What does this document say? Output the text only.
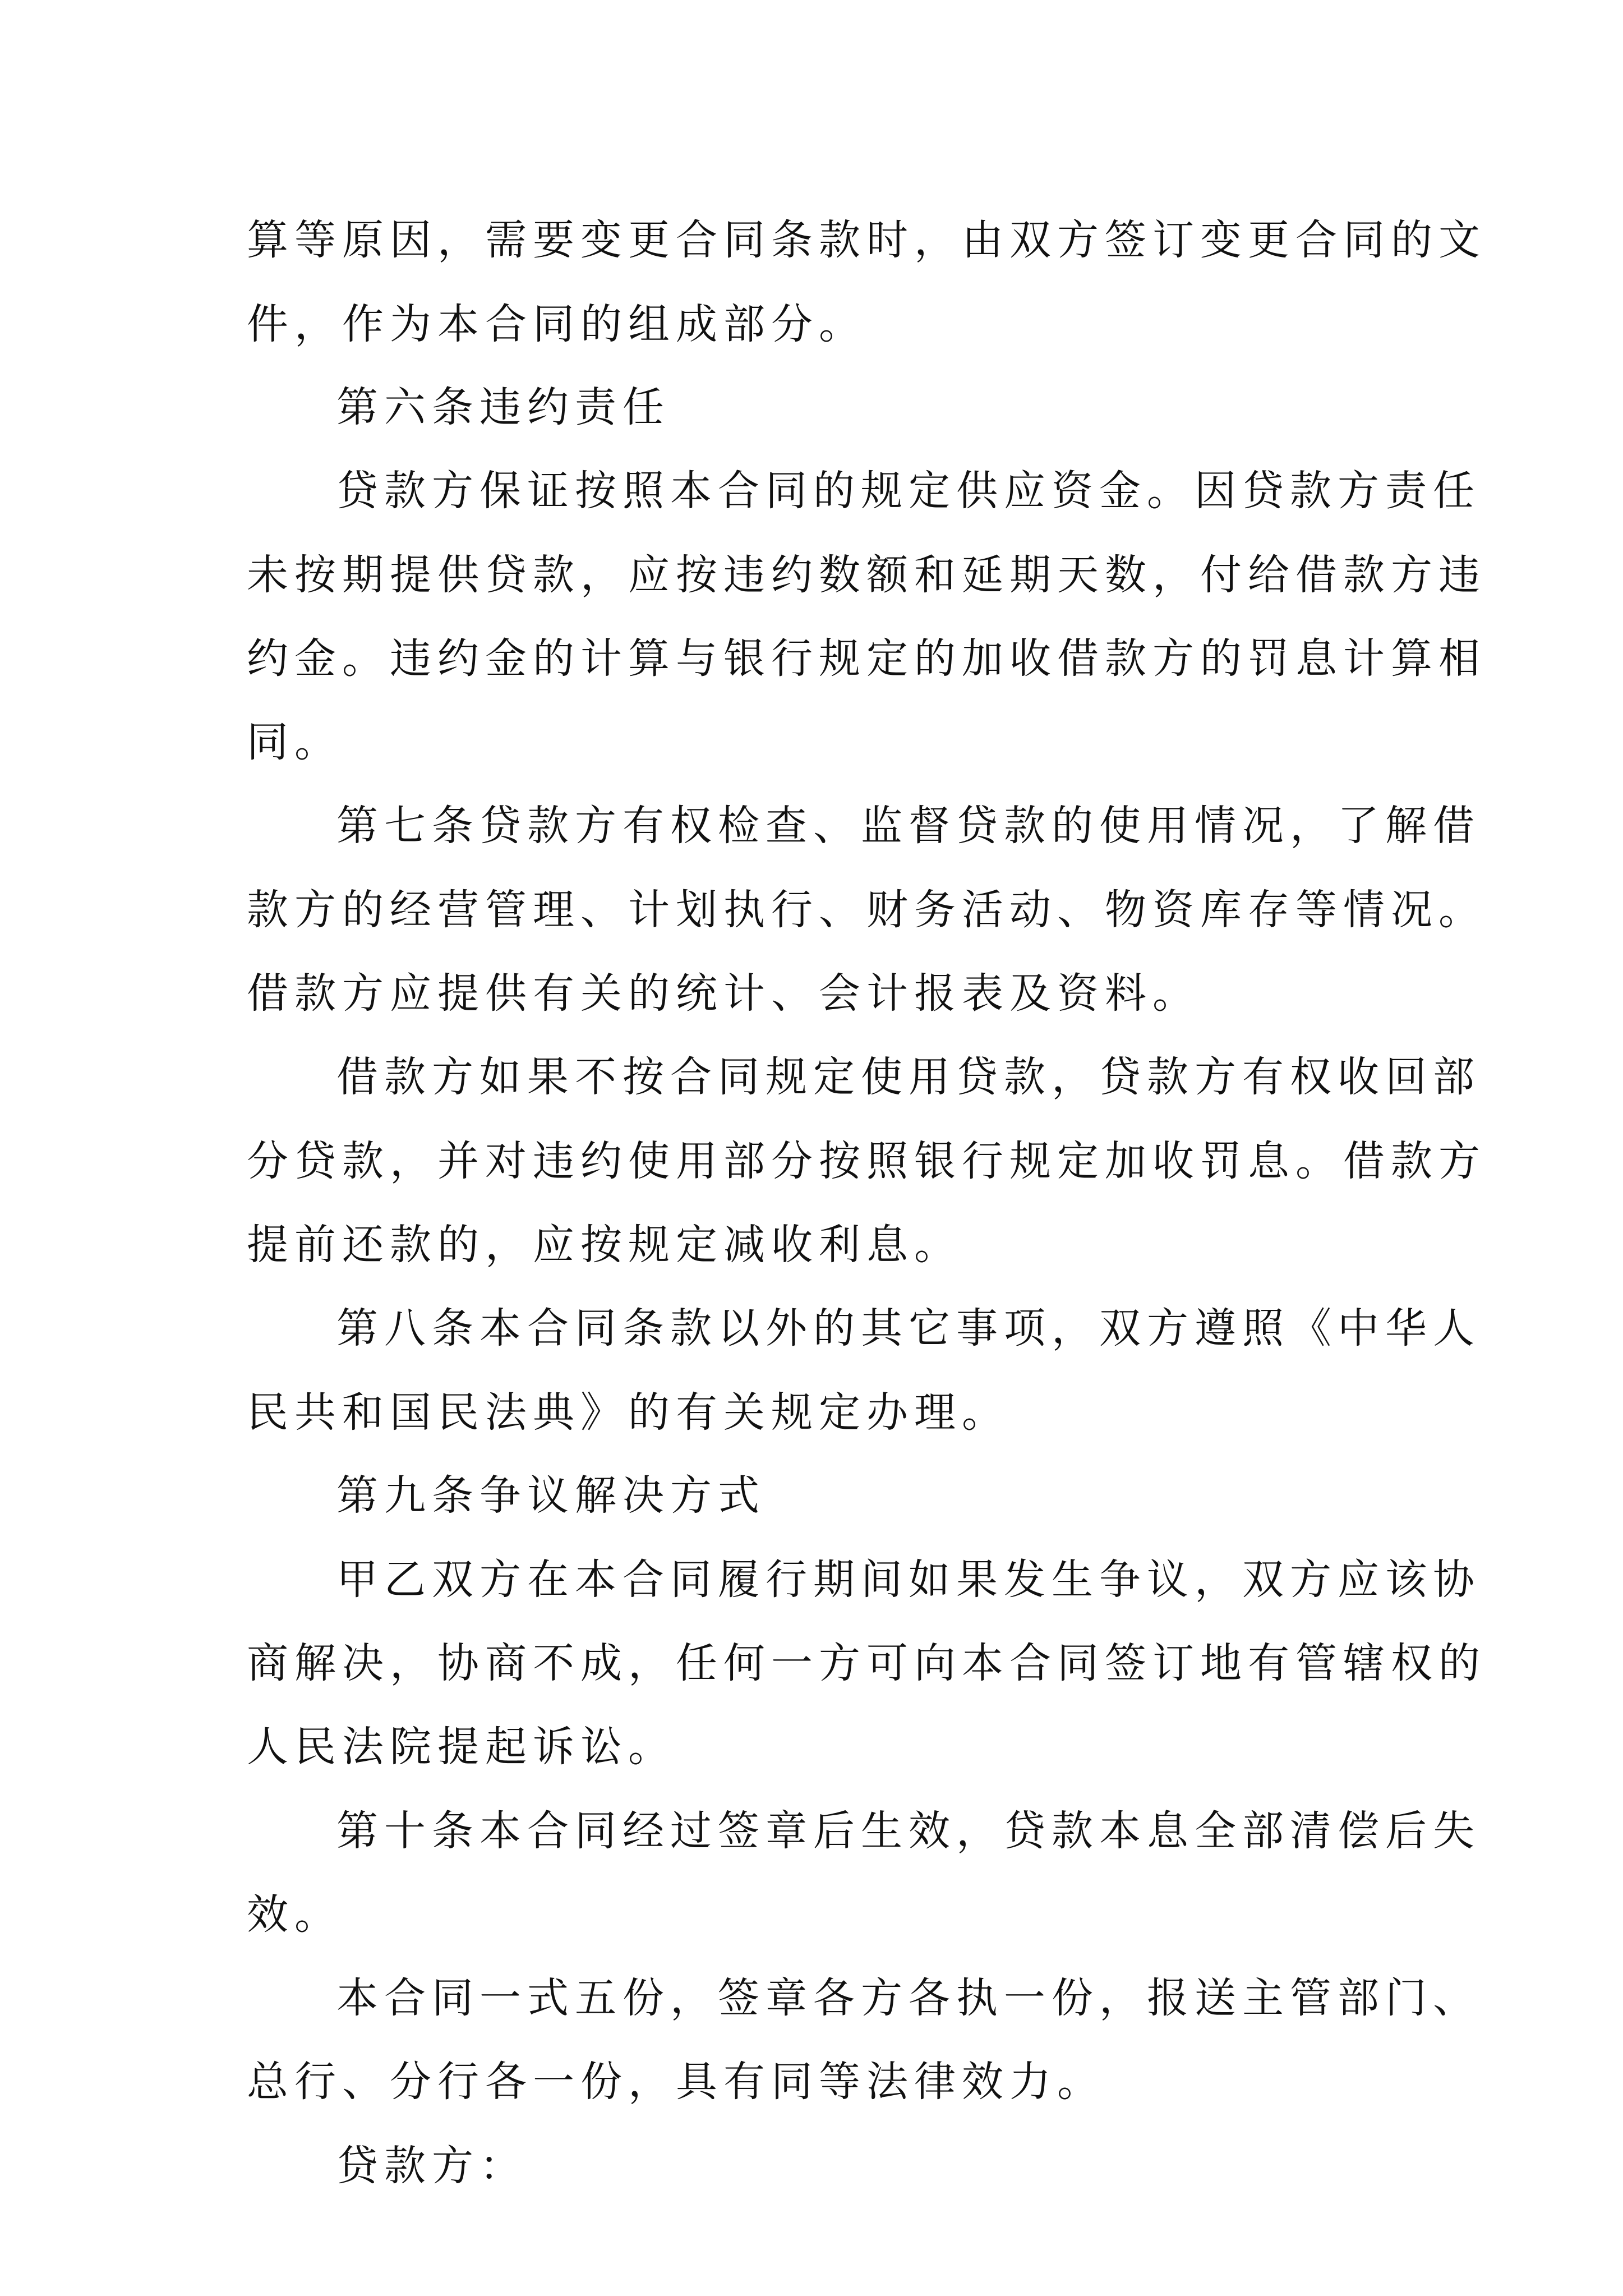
算等原因，需要变更合同条款时，由双方签订变更合同的文
件，作为本合同的组成部分。
第六条违约责任
贷款方保证按照本合同的规定供应资金。因贷款方责任
未按期提供贷款，应按违约数额和延期天数，付给借款方违
约金。违约金的计算与银行规定的加收借款方的罚息计算相
同。
第七条贷款方有权检查、监督贷款的使用情况，了解借
款方的经营管理、计划执行、财务活动、物资库存等情况。
借款方应提供有关的统计、会计报表及资料。
借款方如果不按合同规定使用贷款，贷款方有权收回部
分贷款，并对违约使用部分按照银行规定加收罚息。借款方
提前还款的，应按规定减收利息。
第八条本合同条款以外的其它事项，双方遵照《中华人
民共和国民法典》的有关规定办理。
第九条争议解决方式
甲乙双方在本合同履行期间如果发生争议，双方应该协
商解决，协商不成，任何一方可向本合同签订地有管辖权的
人民法院提起诉讼。
第十条本合同经过签章后生效，贷款本息全部清偿后失
效。
本合同一式五份，签章各方各执一份，报送主管部门、
总行、分行各一份，具有同等法律效力。
贷款方：
